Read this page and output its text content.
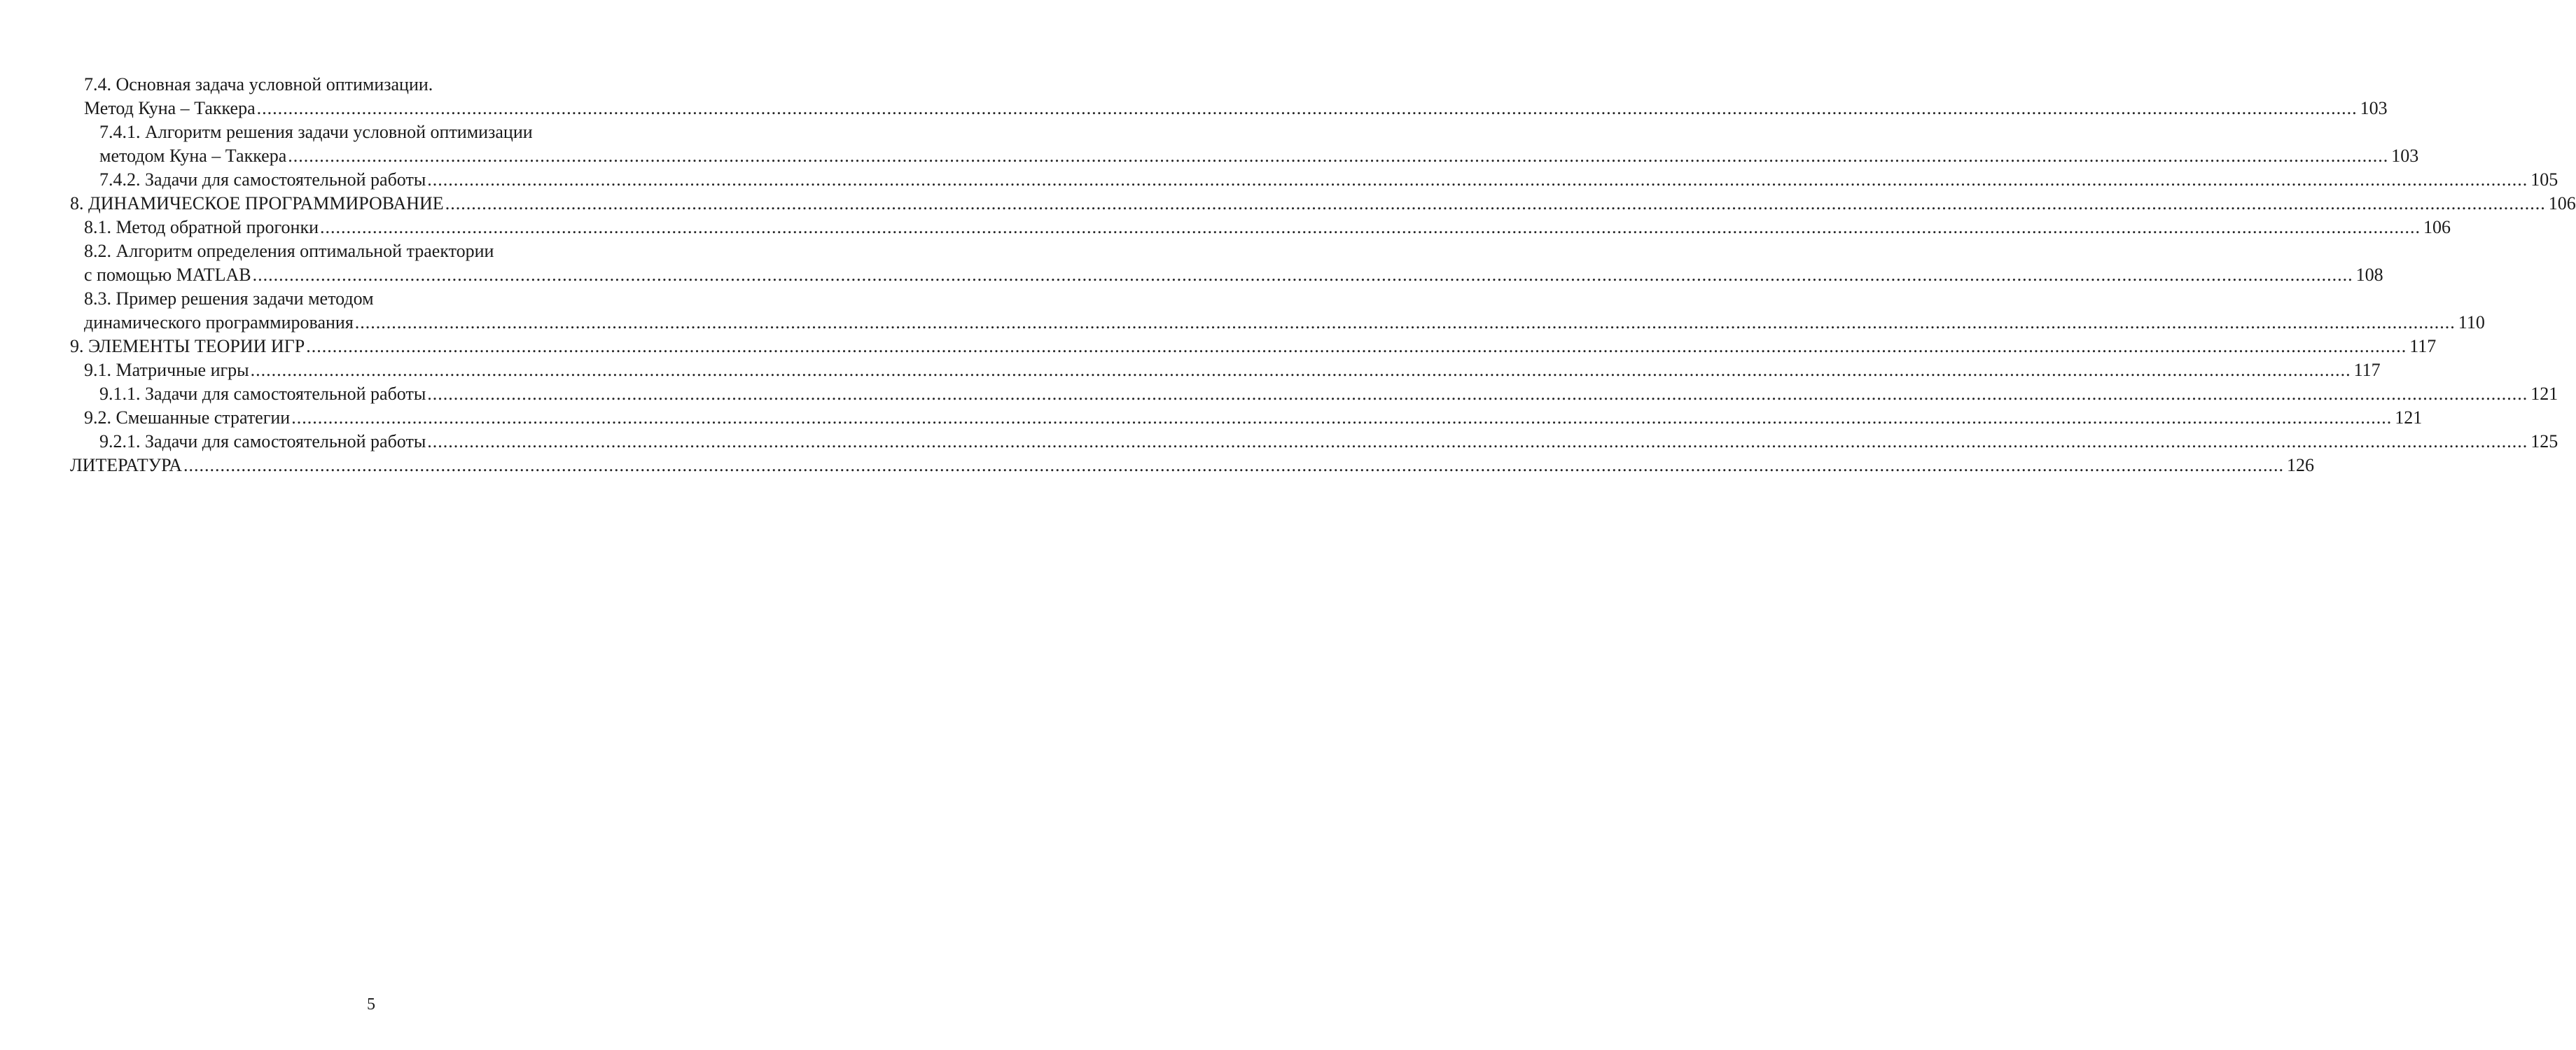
7.4. Основная задача условной оптимизации.
Метод Куна – Таккера ................................................................................................................................................................................................................................................................................................................................................................................................................ 103
7.4.1. Алгоритм решения задачи условной оптимизации
методом Куна – Таккера ................................................................................................................................................................................................................................................................................................................................................................................................................ 103
7.4.2. Задачи для самостоятельной работы ................................................................................................................................................................................................................................................................................................................................................................................................................ 105
8. ДИНАМИЧЕСКОЕ ПРОГРАММИРОВАНИЕ ................................................................................................................................................................................................................................................................................................................................................................................................................ 106
8.1. Метод обратной прогонки ................................................................................................................................................................................................................................................................................................................................................................................................................ 106
8.2. Алгоритм определения оптимальной траектории
с помощью MATLAB ................................................................................................................................................................................................................................................................................................................................................................................................................ 108
8.3. Пример решения задачи методом
динамического программирования ................................................................................................................................................................................................................................................................................................................................................................................................................ 110
9. ЭЛЕМЕНТЫ ТЕОРИИ ИГР ................................................................................................................................................................................................................................................................................................................................................................................................................ 117
9.1. Матричные игры ................................................................................................................................................................................................................................................................................................................................................................................................................ 117
9.1.1. Задачи для самостоятельной работы ................................................................................................................................................................................................................................................................................................................................................................................................................ 121
9.2. Смешанные стратегии ................................................................................................................................................................................................................................................................................................................................................................................................................ 121
9.2.1. Задачи для самостоятельной работы ................................................................................................................................................................................................................................................................................................................................................................................................................ 125
ЛИТЕРАТУРА ................................................................................................................................................................................................................................................................................................................................................................................................................ 126
5
